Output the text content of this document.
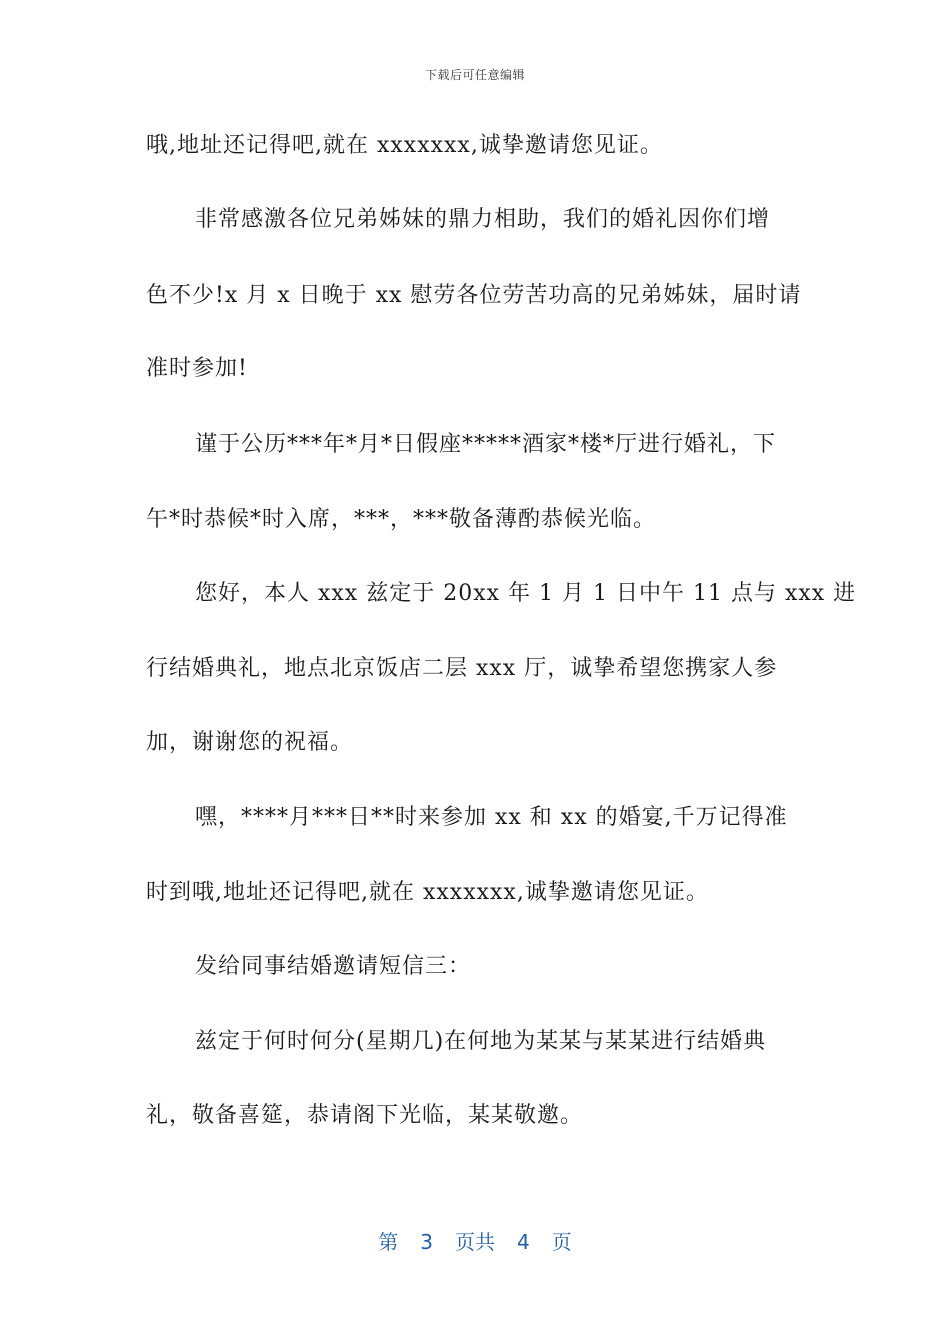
下载后可任意编辑
哦,地址还记得吧,就在 xxxxxxx,诚挚邀请您见证。
非常感激各位兄弟姊妹的鼎力相助，我们的婚礼因你们增
色不少!x 月 x 日晚于 xx 慰劳各位劳苦功高的兄弟姊妹，届时请
准时参加!
谨于公历***年*月*日假座*****酒家*楼*厅进行婚礼，下
午*时恭候*时入席，***，***敬备薄酌恭候光临。
您好，本人 xxx 兹定于 20xx 年 1 月 1 日中午 11 点与 xxx 进
行结婚典礼，地点北京饭店二层 xxx 厅，诚挚希望您携家人参
加，谢谢您的祝福。
嘿，****月***日**时来参加 xx 和 xx 的婚宴,千万记得准
时到哦,地址还记得吧,就在 xxxxxxx,诚挚邀请您见证。
发给同事结婚邀请短信三：
兹定于何时何分(星期几)在何地为某某与某某进行结婚典
礼，敬备喜筵，恭请阁下光临，某某敬邀。
第 3 页共 4 页
